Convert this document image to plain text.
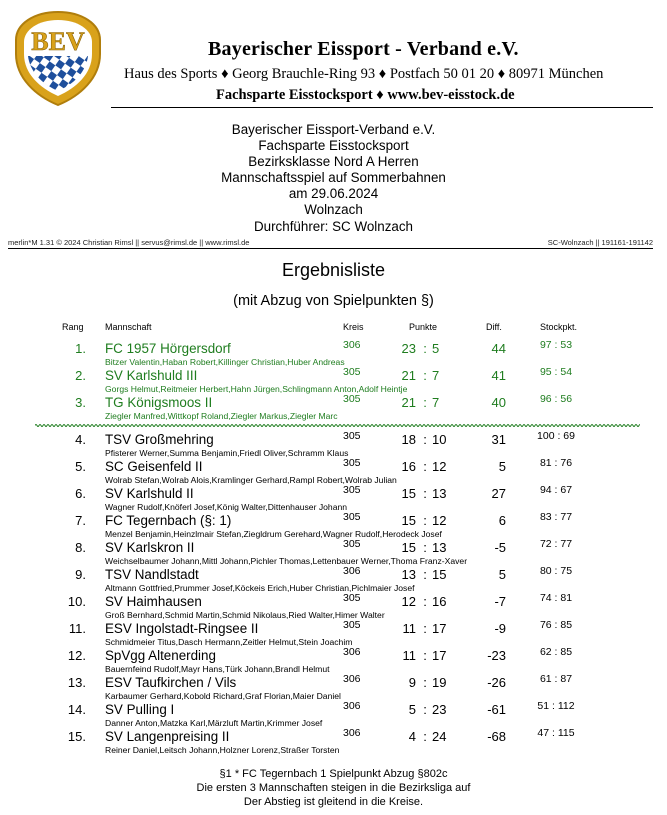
BEV	Bayerischer Eissport - Verband e.V.
Haus des Sports ♦ Georg Brauchle-Ring 93 ♦ Postfach 50 01 20 ♦ 80971 München
Fachsparte Eisstocksport ♦ www.bev-eisstock.de
Bayerischer Eissport-Verband e.V.
Fachsparte Eisstocksport
Bezirksklasse Nord A Herren
Mannschaftsspiel auf Sommerbahnen
am 29.06.2024
Wolnzach
Durchführer: SC Wolnzach
merlin*M 1.31 © 2024 Christian Rimsl || servus@rimsl.de || www.rimsl.de	SC-Wolnzach || 191161-191142
Ergebnisliste
(mit Abzug von Spielpunkten §)
Rang Mannschaft	Kreis	Punkte	Diff.	Stockpkt.
1. FC 1957 Hörgersdorf
Bitzer Valentin,Haban Robert,Killinger Christian,Huber Andreas
306	23 : 5	44	97 : 53
2. SV Karlshuld III
Gorgs Helmut,Reitmeier Herbert,Hahn Jürgen,Schlingmann Anton,Adolf Heintje
305	21 : 7	41	95 : 54
3. TG Königsmoos II
Ziegler Manfred,Wittkopf Roland,Ziegler Markus,Ziegler Marc
305	21 : 7	40	96 : 56
4. TSV Großmehring
Pfisterer Werner,Summa Benjamin,Friedl Oliver,Schramm Klaus
305	18 : 10	31	100 : 69
5. SC Geisenfeld II
Wolrab Stefan,Wolrab Alois,Kramlinger Gerhard,Rampl Robert,Wolrab Julian
305	16 : 12	5	81 : 76
6. SV Karlshuld II
Wagner Rudolf,Knöferl Josef,König Walter,Dittenhauser Johann
305	15 : 13	27	94 : 67
7. FC Tegernbach (§: 1)
Menzel Benjamin,Heinzlmair Stefan,Ziegldrum Gerehard,Wagner Rudolf,Herodeck Josef
305	15 : 12	6	83 : 77
8. SV Karlskron II
Weichselbaumer Johann,Mittl Johann,Pichler Thomas,Lettenbauer Werner,Thoma Franz-Xaver
305	15 : 13	-5	72 : 77
9. TSV Nandlstadt
Altmann Gottfried,Prummer Josef,Köckeis Erich,Huber Christian,Pichlmaier Josef
306	13 : 15	5	80 : 75
10. SV Haimhausen
Groß Bernhard,Schmid Martin,Schmid Nikolaus,Ried Walter,Himer Walter
305	12 : 16	-7	74 : 81
11. ESV Ingolstadt-Ringsee II
Schmidmeier Titus,Dasch Hermann,Zeitler Helmut,Stein Joachim
305	11 : 17	-9	76 : 85
12. SpVgg Altenerding
Bauernfeind Rudolf,Mayr Hans,Türk Johann,Brandl Helmut
306	11 : 17	-23	62 : 85
13. ESV Taufkirchen / Vils
Karbaumer Gerhard,Kobold Richard,Graf Florian,Maier Daniel
306	9 : 19	-26	61 : 87
14. SV Pulling I
Danner Anton,Matzka Karl,Märzluft Martin,Krimmer Josef
306	5 : 23	-61	51 : 112
15. SV Langenpreising II
Reiner Daniel,Leitsch Johann,Holzner Lorenz,Straßer Torsten
306	4 : 24	-68	47 : 115
§1 * FC Tegernbach 1 Spielpunkt Abzug §802c
Die ersten 3 Mannschaften steigen in die Bezirksliga auf
Der Abstieg ist gleitend in die Kreise.
